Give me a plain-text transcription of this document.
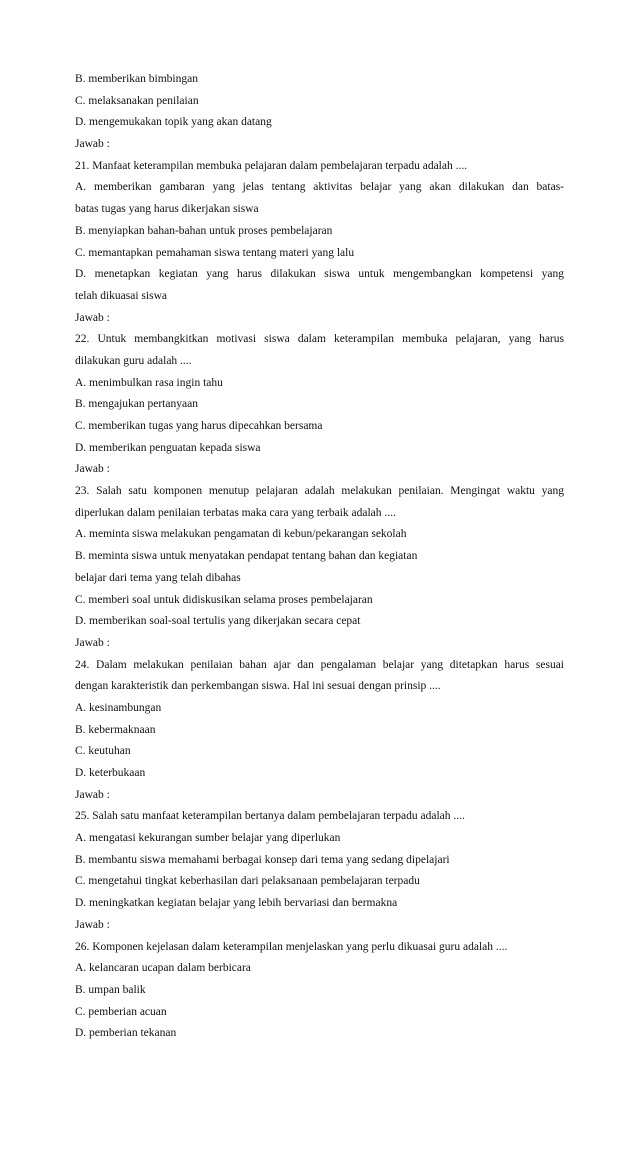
B. memberikan bimbingan
C. melaksanakan penilaian
D. mengemukakan topik yang akan datang
Jawab :
21. Manfaat keterampilan membuka pelajaran dalam pembelajaran terpadu adalah ....
A. memberikan gambaran yang jelas tentang aktivitas belajar yang akan dilakukan dan batas-
batas tugas yang harus dikerjakan siswa
B. menyiapkan bahan-bahan untuk proses pembelajaran
C. memantapkan pemahaman siswa tentang materi yang lalu
D. menetapkan kegiatan yang harus dilakukan siswa untuk mengembangkan kompetensi yang
telah dikuasai siswa
Jawab :
22. Untuk membangkitkan motivasi siswa dalam keterampilan membuka pelajaran, yang harus
dilakukan guru adalah ....
A. menimbulkan rasa ingin tahu
B. mengajukan pertanyaan
C. memberikan tugas yang harus dipecahkan bersama
D. memberikan penguatan kepada siswa
Jawab :
23. Salah satu komponen menutup pelajaran adalah melakukan penilaian. Mengingat waktu yang
diperlukan dalam penilaian terbatas maka cara yang terbaik adalah ....
A. meminta siswa melakukan pengamatan di kebun/pekarangan sekolah
B. meminta siswa untuk menyatakan pendapat tentang bahan dan kegiatan
belajar dari tema yang telah dibahas
C. memberi soal untuk didiskusikan selama proses pembelajaran
D. memberikan soal-soal tertulis yang dikerjakan secara cepat
Jawab :
24. Dalam melakukan penilaian bahan ajar dan pengalaman belajar yang ditetapkan harus sesuai
dengan karakteristik dan perkembangan siswa. Hal ini sesuai dengan prinsip ....
A. kesinambungan
B. kebermaknaan
C. keutuhan
D. keterbukaan
Jawab :
25. Salah satu manfaat keterampilan bertanya dalam pembelajaran terpadu adalah ....
A. mengatasi kekurangan sumber belajar yang diperlukan
B. membantu siswa memahami berbagai konsep dari tema yang sedang dipelajari
C. mengetahui tingkat keberhasilan dari pelaksanaan pembelajaran terpadu
D. meningkatkan kegiatan belajar yang lebih bervariasi dan bermakna
Jawab :
26. Komponen kejelasan dalam keterampilan menjelaskan yang perlu dikuasai guru adalah ....
A. kelancaran ucapan dalam berbicara
B. umpan balik
C. pemberian acuan
D. pemberian tekanan
